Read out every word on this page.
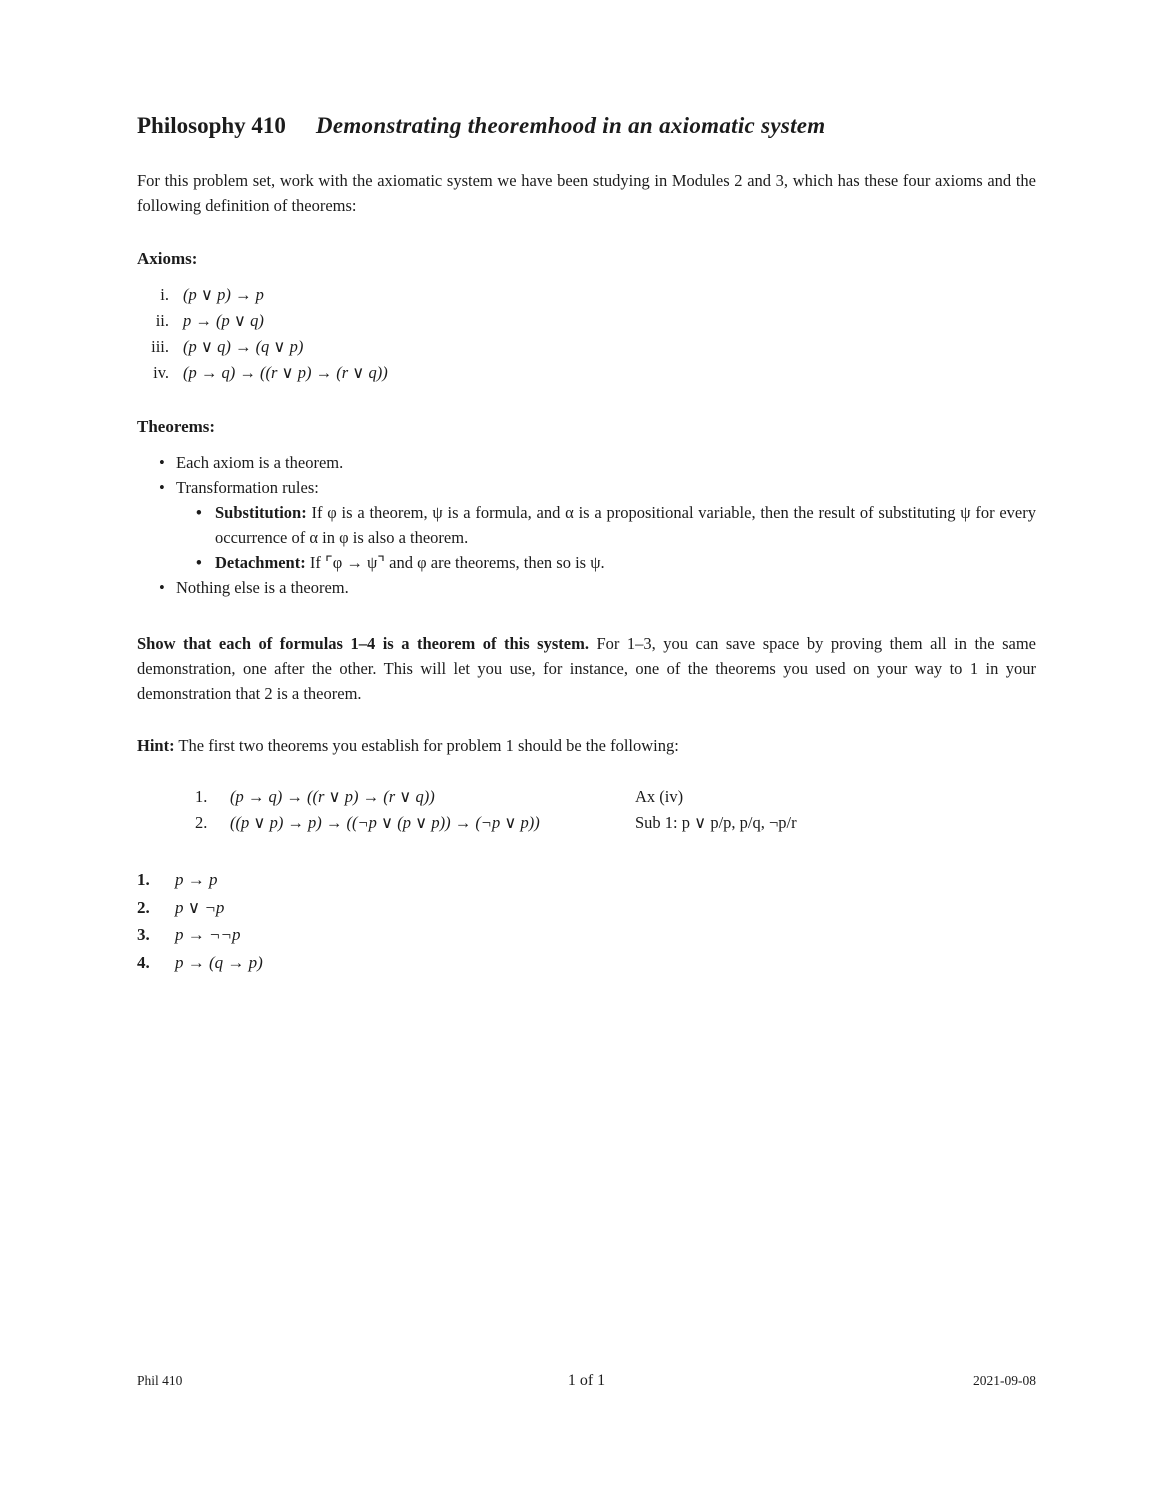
Philosophy 410 Demonstrating theoremhood in an axiomatic system

For this problem set, work with the axiomatic system we have been studying in Modules 2 and 3, which has these four axioms and the following definition of theorems:

Axioms:

i. (p ∨ p) → p
ii. p → (p ∨ q)
iii. (p ∨ q) → (q ∨ p)
iv. (p → q) → ((r ∨ p) → (r ∨ q))

Theorems:

• Each axiom is a theorem.
• Transformation rules:
• Substitution: If φ is a theorem, ψ is a formula, and α is a propositional variable, then the result of substituting ψ for every occurrence of α in φ is also a theorem.
• Detachment: If ⌜φ → ψ⌝ and φ are theorems, then so is ψ.
• Nothing else is a theorem.

Show that each of formulas 1–4 is a theorem of this system. For 1–3, you can save space by proving them all in the same demonstration, one after the other. This will let you use, for instance, one of the theorems you used on your way to 1 in your demonstration that 2 is a theorem.

Hint: The first two theorems you establish for problem 1 should be the following:

1.	(p → q) → ((r ∨ p) → (r ∨ q))	Ax (iv)
2.	((p ∨ p) → p) → ((¬p ∨ (p ∨ p)) → (¬p ∨ p))	Sub 1: p ∨ p/p, p/q, ¬p/r
1.	p → p
2.	p ∨ ¬p
3.	p → ¬¬p
4.	p → (q → p)
Phil 410	1 of 1	2021-09-08
